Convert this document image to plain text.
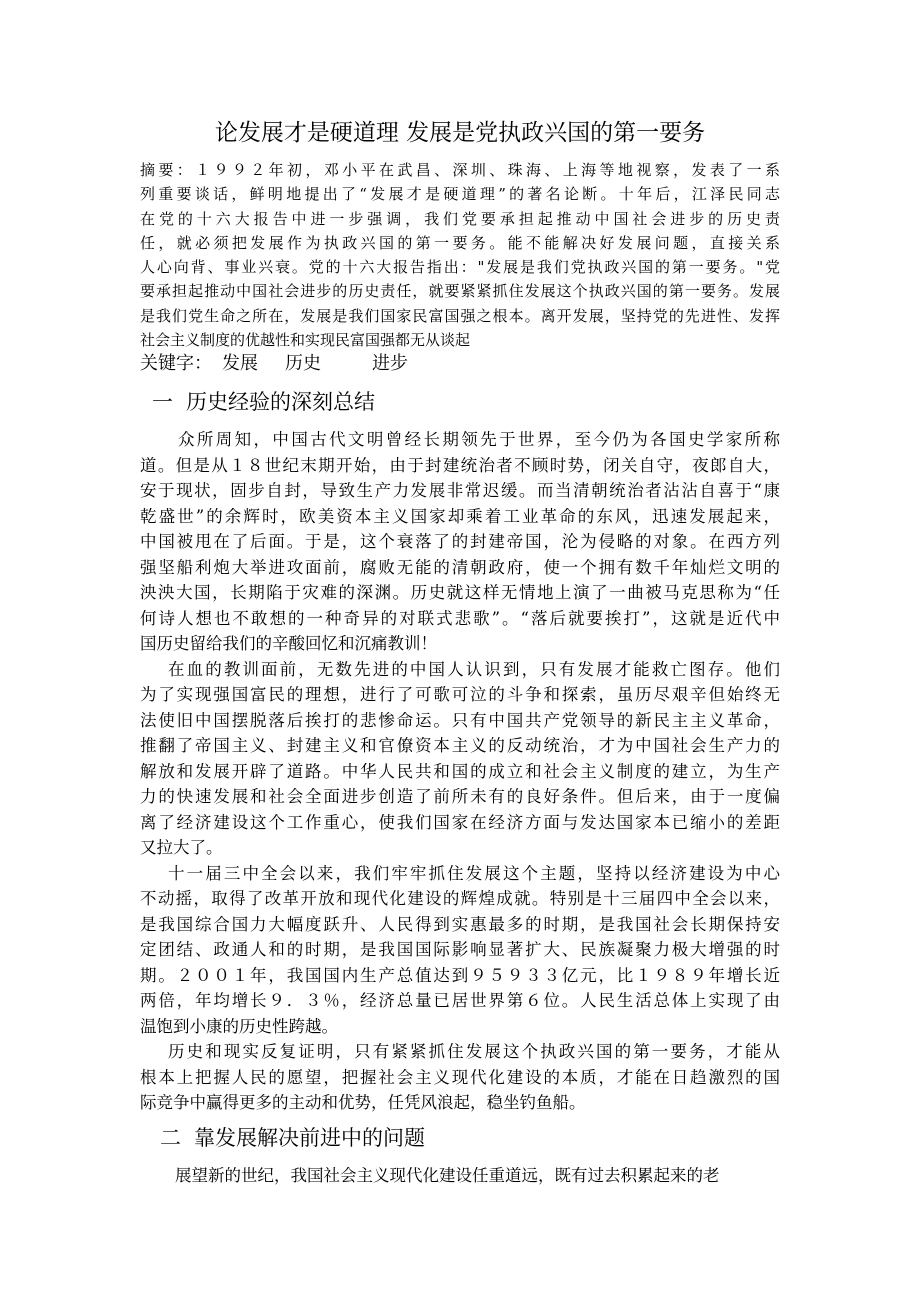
论发展才是硬道理 发展是党执政兴国的第一要务
摘要：１９９２年初，邓小平在武昌、深圳、珠海、上海等地视察，发表了一系
列重要谈话，鲜明地提出了“发展才是硬道理”的著名论断。十年后，江泽民同志
在党的十六大报告中进一步强调，我们党要承担起推动中国社会进步的历史责
任，就必须把发展作为执政兴国的第一要务。能不能解决好发展问题，直接关系
人心向背、事业兴衰。党的十六大报告指出："发展是我们党执政兴国的第一要务。"党
要承担起推动中国社会进步的历史责任，就要紧紧抓住发展这个执政兴国的第一要务。发展
是我们党生命之所在，发展是我们国家民富国强之根本。离开发展，坚持党的先进性、发挥
社会主义制度的优越性和实现民富国强都无从谈起
关键字： 发展 历史	进步
一 历史经验的深刻总结
众所周知，中国古代文明曾经长期领先于世界，至今仍为各国史学家所称
道。但是从１８世纪末期开始，由于封建统治者不顾时势，闭关自守，夜郎自大，
安于现状，固步自封，导致生产力发展非常迟缓。而当清朝统治者沾沾自喜于“康
乾盛世”的余辉时，欧美资本主义国家却乘着工业革命的东风，迅速发展起来，
中国被甩在了后面。于是，这个衰落了的封建帝国，沦为侵略的对象。在西方列
强坚船利炮大举进攻面前，腐败无能的清朝政府，使一个拥有数千年灿烂文明的
泱泱大国，长期陷于灾难的深渊。历史就这样无情地上演了一曲被马克思称为“任
何诗人想也不敢想的一种奇异的对联式悲歌”。“落后就要挨打”，这就是近代中
国历史留给我们的辛酸回忆和沉痛教训！
在血的教训面前，无数先进的中国人认识到，只有发展才能救亡图存。他们
为了实现强国富民的理想，进行了可歌可泣的斗争和探索，虽历尽艰辛但始终无
法使旧中国摆脱落后挨打的悲惨命运。只有中国共产党领导的新民主主义革命，
推翻了帝国主义、封建主义和官僚资本主义的反动统治，才为中国社会生产力的
解放和发展开辟了道路。中华人民共和国的成立和社会主义制度的建立，为生产
力的快速发展和社会全面进步创造了前所未有的良好条件。但后来，由于一度偏
离了经济建设这个工作重心，使我们国家在经济方面与发达国家本已缩小的差距
又拉大了。
十一届三中全会以来，我们牢牢抓住发展这个主题，坚持以经济建设为中心
不动摇，取得了改革开放和现代化建设的辉煌成就。特别是十三届四中全会以来，
是我国综合国力大幅度跃升、人民得到实惠最多的时期，是我国社会长期保持安
定团结、政通人和的时期，是我国国际影响显著扩大、民族凝聚力极大增强的时
期。２００１年，我国国内生产总值达到９５９３３亿元，比１９８９年增长近
两倍，年均增长９．３％，经济总量已居世界第６位。人民生活总体上实现了由
温饱到小康的历史性跨越。
历史和现实反复证明，只有紧紧抓住发展这个执政兴国的第一要务，才能从
根本上把握人民的愿望，把握社会主义现代化建设的本质，才能在日趋激烈的国
际竞争中赢得更多的主动和优势，任凭风浪起，稳坐钓鱼船。
二 靠发展解决前进中的问题
展望新的世纪，我国社会主义现代化建设任重道远，既有过去积累起来的老
